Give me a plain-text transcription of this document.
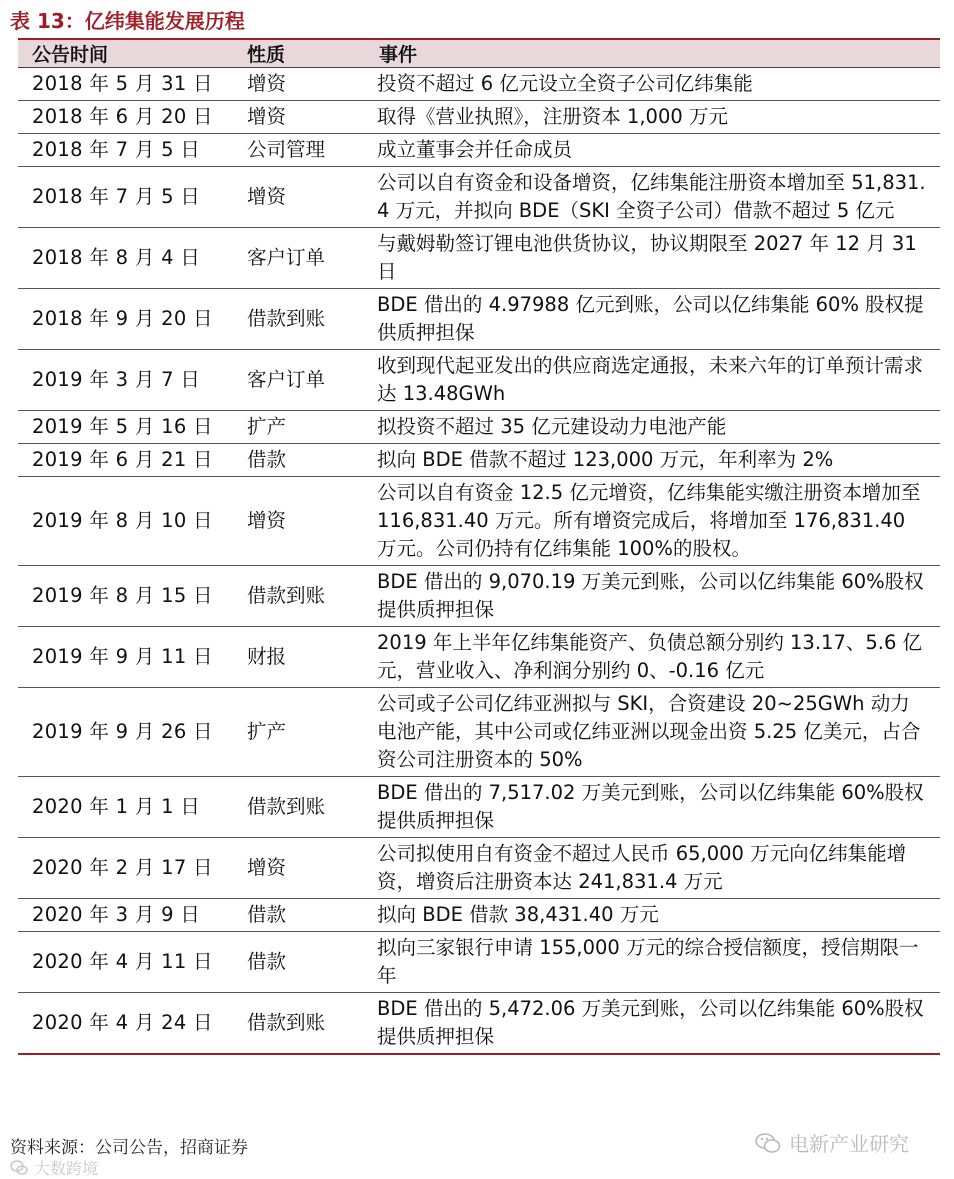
表 13：亿纬集能发展历程
公告时间	性质	事件
2018 年 5 月 31 日	增资	投资不超过 6 亿元设立全资子公司亿纬集能
2018 年 6 月 20 日	增资	取得《营业执照》，注册资本 1,000 万元
2018 年 7 月 5 日	公司管理	成立董事会并任命成员
2018 年 7 月 5 日	增资	公司以自有资金和设备增资，亿纬集能注册资本增加至 51,831.4 万元，并拟向 BDE（SKI 全资子公司）借款不超过 5 亿元
2018 年 8 月 4 日	客户订单	与戴姆勒签订锂电池供货协议，协议期限至 2027 年 12 月 31 日
2018 年 9 月 20 日	借款到账	BDE 借出的 4.97988 亿元到账，公司以亿纬集能 60% 股权提供质押担保
2019 年 3 月 7 日	客户订单	收到现代起亚发出的供应商选定通报，未来六年的订单预计需求达 13.48GWh
2019 年 5 月 16 日	扩产	拟投资不超过 35 亿元建设动力电池产能
2019 年 6 月 21 日	借款	拟向 BDE 借款不超过 123,000 万元，年利率为 2%
2019 年 8 月 10 日	增资	公司以自有资金 12.5 亿元增资，亿纬集能实缴注册资本增加至 116,831.40 万元。所有增资完成后，将增加至 176,831.40 万元。公司仍持有亿纬集能 100%的股权。
2019 年 8 月 15 日	借款到账	BDE 借出的 9,070.19 万美元到账，公司以亿纬集能 60%股权提供质押担保
2019 年 9 月 11 日	财报	2019 年上半年亿纬集能资产、负债总额分别约 13.17、5.6 亿元，营业收入、净利润分别约 0、-0.16 亿元
2019 年 9 月 26 日	扩产	公司或子公司亿纬亚洲拟与 SKI，合资建设 20~25GWh 动力电池产能，其中公司或亿纬亚洲以现金出资 5.25 亿美元，占合资公司注册资本的 50%
2020 年 1 月 1 日	借款到账	BDE 借出的 7,517.02 万美元到账，公司以亿纬集能 60%股权提供质押担保
2020 年 2 月 17 日	增资	公司拟使用自有资金不超过人民币 65,000 万元向亿纬集能增资，增资后注册资本达 241,831.4 万元
2020 年 3 月 9 日	借款	拟向 BDE 借款 38,431.40 万元
2020 年 4 月 11 日	借款	拟向三家银行申请 155,000 万元的综合授信额度，授信期限一年
2020 年 4 月 24 日	借款到账	BDE 借出的 5,472.06 万美元到账，公司以亿纬集能 60%股权提供质押担保
资料来源：公司公告，招商证券
大数跨境
电新产业研究
